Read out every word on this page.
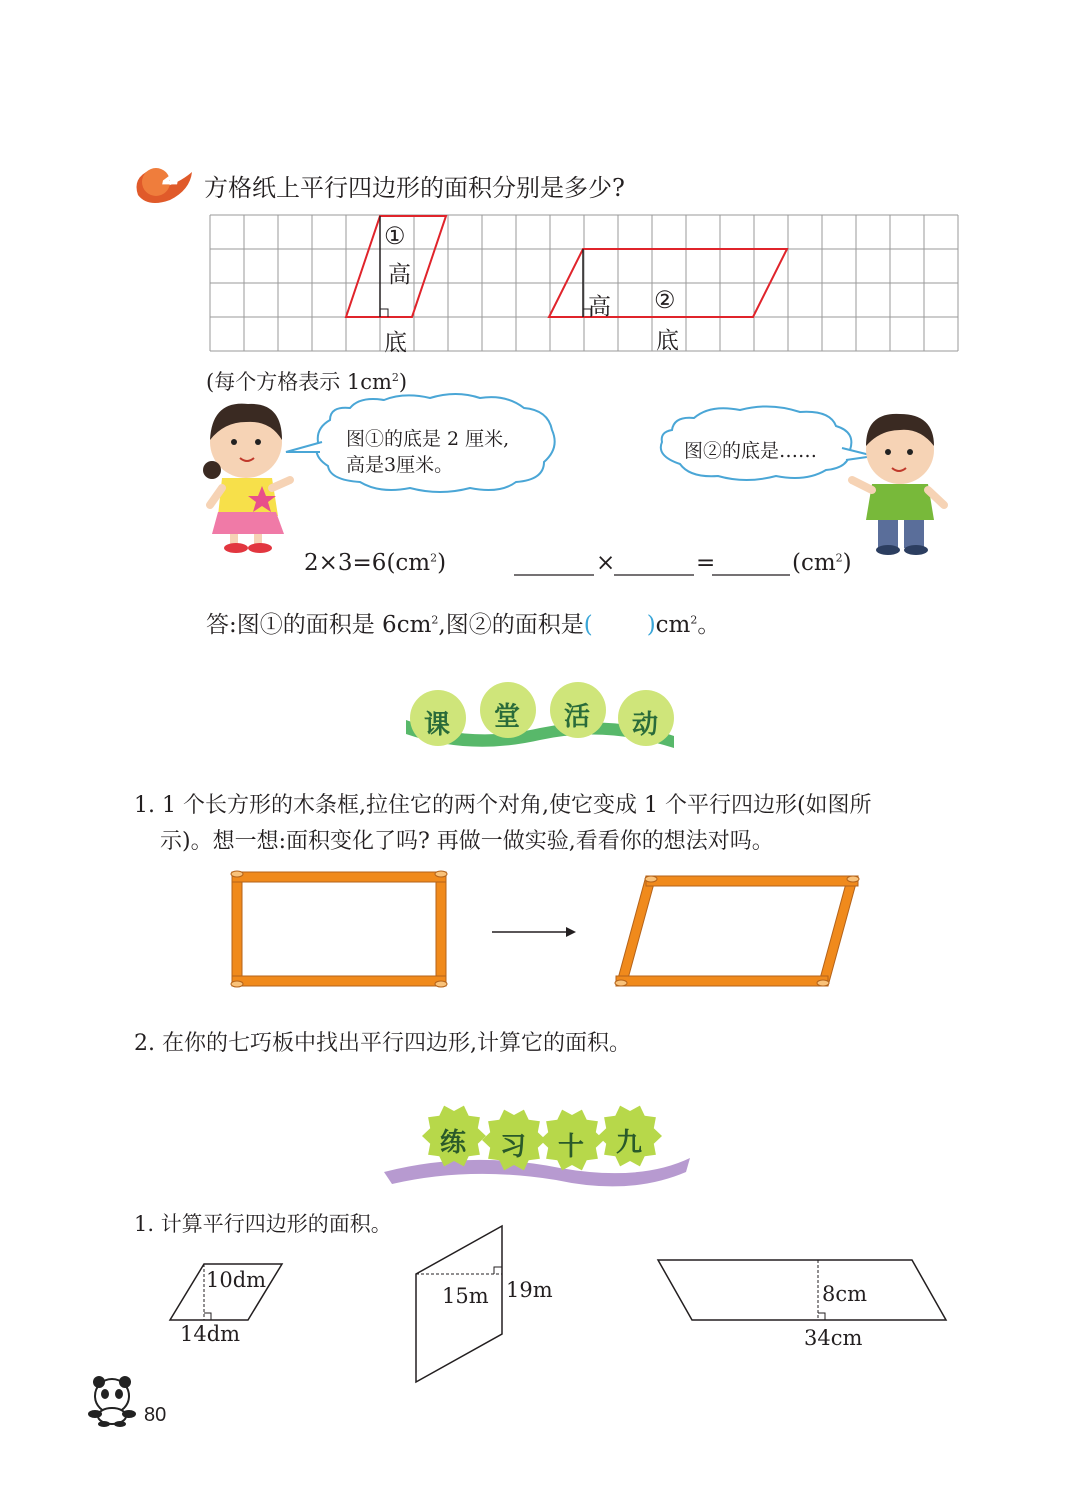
2 方格纸上平行四边形的面积分别是多少?
①
高
底
高 ②
底
(每个方格表示 $1cm^2$)
图①的底是 2 厘米,
高是3厘米。
图②的底是……
$2\times 3=6(cm^2)$	×	=	$(cm^2)$
答:图①的面积是 $6cm^2$,图②的面积是( )$cm^2$。
课 堂 活 动
1. 1 个长方形的木条框,拉住它的两个对角,使它变成 1 个平行四边形(如图所
示)。想一想:面积变化了吗? 再做一做实验,看看你的想法对吗。
2. 在你的七巧板中找出平行四边形,计算它的面积。
练 习 十 九
1. 计算平行四边形的面积。
10dm
14dm
15m 19m	8cm
34cm
80
